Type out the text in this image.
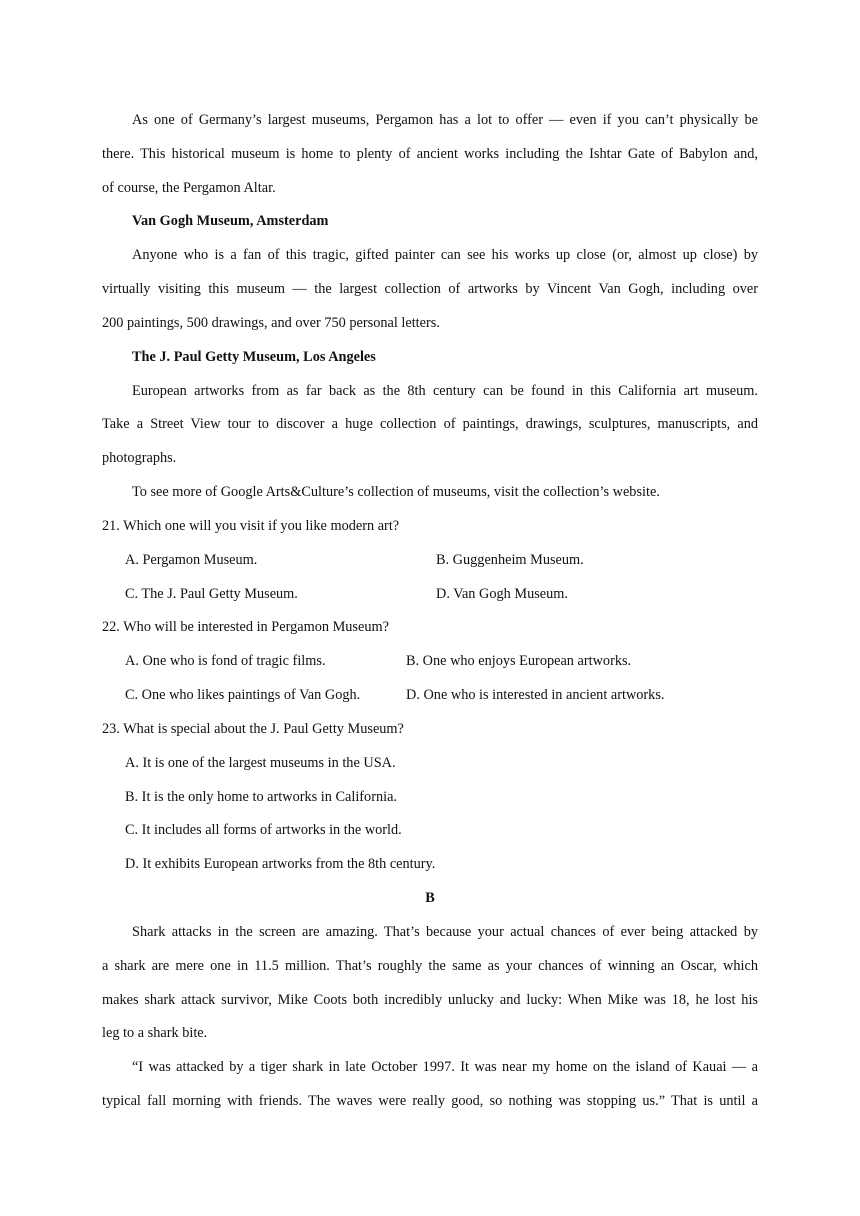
As one of Germany’s largest museums, Pergamon has a lot to offer — even if you can’t physically be
there. This historical museum is home to plenty of ancient works including the Ishtar Gate of Babylon and,
of course, the Pergamon Altar.
Van Gogh Museum, Amsterdam
Anyone who is a fan of this tragic, gifted painter can see his works up close (or, almost up close) by
virtually visiting this museum — the largest collection of artworks by Vincent Van Gogh, including over
200 paintings, 500 drawings, and over 750 personal letters.
The J. Paul Getty Museum, Los Angeles
European artworks from as far back as the 8th century can be found in this California art museum.
Take a Street View tour to discover a huge collection of paintings, drawings, sculptures, manuscripts, and
photographs.
To see more of Google Arts&Culture’s collection of museums, visit the collection’s website.
21. Which one will you visit if you like modern art?
A. Pergamon Museum.	B. Guggenheim Museum.
C. The J. Paul Getty Museum.	D. Van Gogh Museum.
22. Who will be interested in Pergamon Museum?
A. One who is fond of tragic films.	B. One who enjoys European artworks.
C. One who likes paintings of Van Gogh.	D. One who is interested in ancient artworks.
23. What is special about the J. Paul Getty Museum?
A. It is one of the largest museums in the USA.
B. It is the only home to artworks in California.
C. It includes all forms of artworks in the world.
D. It exhibits European artworks from the 8th century.
B
Shark attacks in the screen are amazing. That’s because your actual chances of ever being attacked by
a shark are mere one in 11.5 million. That’s roughly the same as your chances of winning an Oscar, which
makes shark attack survivor, Mike Coots both incredibly unlucky and lucky: When Mike was 18, he lost his
leg to a shark bite.
“I was attacked by a tiger shark in late October 1997. It was near my home on the island of Kauai — a
typical fall morning with friends. The waves were really good, so nothing was stopping us.” That is until a
